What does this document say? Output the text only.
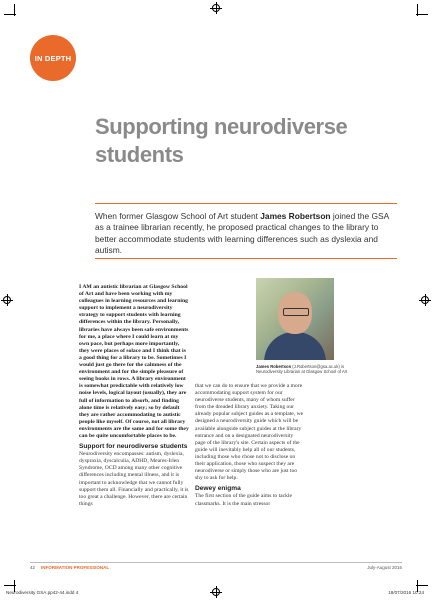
IN DEPTH
Supporting neurodiverse students
When former Glasgow School of Art student James Robertson joined the GSA as a trainee librarian recently, he proposed practical changes to the library to better accommodate students with learning differences such as dyslexia and autism.
I AM an autistic librarian at Glasgow School of Art and have been working with my colleagues in learning resources and learning support to implement a neurodiversity strategy to support students with learning differences within the library. Personally, libraries have always been safe environments for me, a place where I could learn at my own pace, but perhaps more importantly, they were places of solace and I think that is a good thing for a library to be. Sometimes I would just go there for the calmness of the environment and for the simple pleasure of seeing books in rows. A library environment is somewhat predictable with relatively low noise levels, logical layout (usually), they are full of information to absorb, and finding alone time is relatively easy; so by default they are rather accommodating to autistic people like myself. Of course, not all library environments are the same and for some they can be quite uncomfortable places to be.
Support for neurodiverse students
Neurodiversity encompasses: autism, dyslexia, dyspraxia, dyscalculia, ADHD, Meares-Irlen Syndrome, OCD among many other cognitive differences including mental illness, and it is important to acknowledge that we cannot fully support them all. Financially and practically, it is too great a challenge. However, there are certain things
James Robertson (J.Robertson@gsa.ac.uk) is Neurodiversity Librarian at Glasgow School of Art
that we can do to ensure that we provide a more accommodating support system for our neurodiverse students, many of whom suffer from the dreaded library anxiety. Taking our already popular subject guides as a template, we designed a neurodiversity guide which will be available alongside subject guides at the library entrance and on a designated neurodiversity page of the library's site. Certain aspects of the guide will inevitably help all of our students, including those who chose not to disclose on their application, those who suspect they are neurodiverse or simply those who are just too shy to ask for help.
Dewey enigma
The first section of the guide aims to tackle classmarks. It is the main stressor
42 INFORMATION PROFESSIONAL	July-August 2016
Neurodiversity GSA.pp42-44.indd 4	18/07/2016 10:24
